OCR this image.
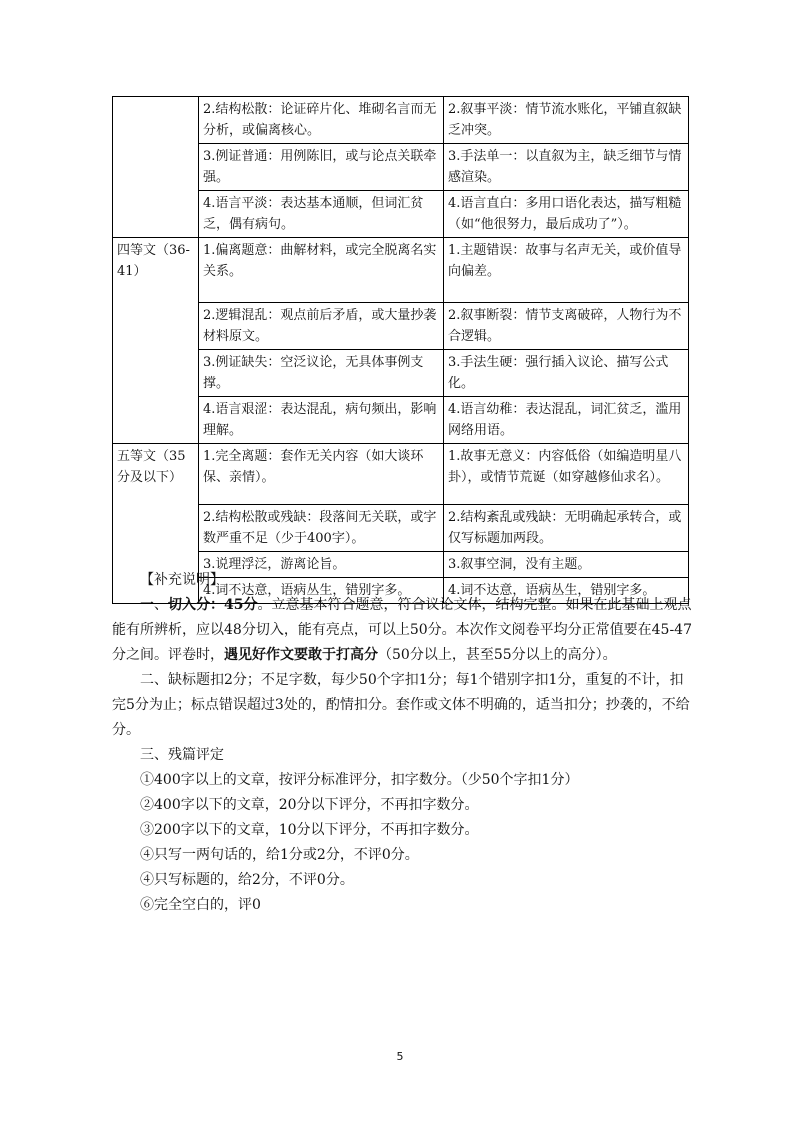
	2.结构松散：论证碎片化、堆砌名言而无分析，或偏离核心。	2.叙事平淡：情节流水账化，平铺直叙缺乏冲突。
	3.例证普通：用例陈旧，或与论点关联牵强。	3.手法单一：以直叙为主，缺乏细节与情感渲染。
	4.语言平淡：表达基本通顺，但词汇贫乏，偶有病句。	4.语言直白：多用口语化表达，描写粗糙（如“他很努力，最后成功了”）。
四等文（36-41）	1.偏离题意：曲解材料，或完全脱离名实关系。	1.主题错误：故事与名声无关，或价值导向偏差。
	2.逻辑混乱：观点前后矛盾，或大量抄袭材料原文。	2.叙事断裂：情节支离破碎，人物行为不合逻辑。
	3.例证缺失：空泛议论，无具体事例支撑。	3.手法生硬：强行插入议论、描写公式化。
	4.语言艰涩：表达混乱，病句频出，影响理解。	4.语言幼稚：表达混乱，词汇贫乏，滥用网络用语。
五等文（35分及以下）	1.完全离题：套作无关内容（如大谈环保、亲情）。	1.故事无意义：内容低俗（如编造明星八卦），或情节荒诞（如穿越修仙求名）。
	2.结构松散或残缺：段落间无关联，或字数严重不足（少于400字）。	2.结构紊乱或残缺：无明确起承转合，或仅写标题加两段。
	3.说理浮泛，游离论旨。	3.叙事空洞，没有主题。
	4.词不达意，语病丛生，错别字多。	4.词不达意，语病丛生，错别字多。

【补充说明】

一、切入分：45分。立意基本符合题意，符合议论文体，结构完整。如果在此基础上观点能有所辨析，应以48分切入，能有亮点，可以上50分。本次作文阅卷平均分正常值要在45-47分之间。评卷时，遇见好作文要敢于打高分（50分以上，甚至55分以上的高分）。

二、缺标题扣2分；不足字数，每少50个字扣1分；每1个错别字扣1分，重复的不计，扣完5分为止；标点错误超过3处的，酌情扣分。套作或文体不明确的，适当扣分；抄袭的，不给分。

三、残篇评定

①400字以上的文章，按评分标准评分，扣字数分。（少50个字扣1分）

②400字以下的文章，20分以下评分，不再扣字数分。

③200字以下的文章，10分以下评分，不再扣字数分。

④只写一两句话的，给1分或2分，不评0分。

④只写标题的，给2分，不评0分。

⑥完全空白的，评0

5
